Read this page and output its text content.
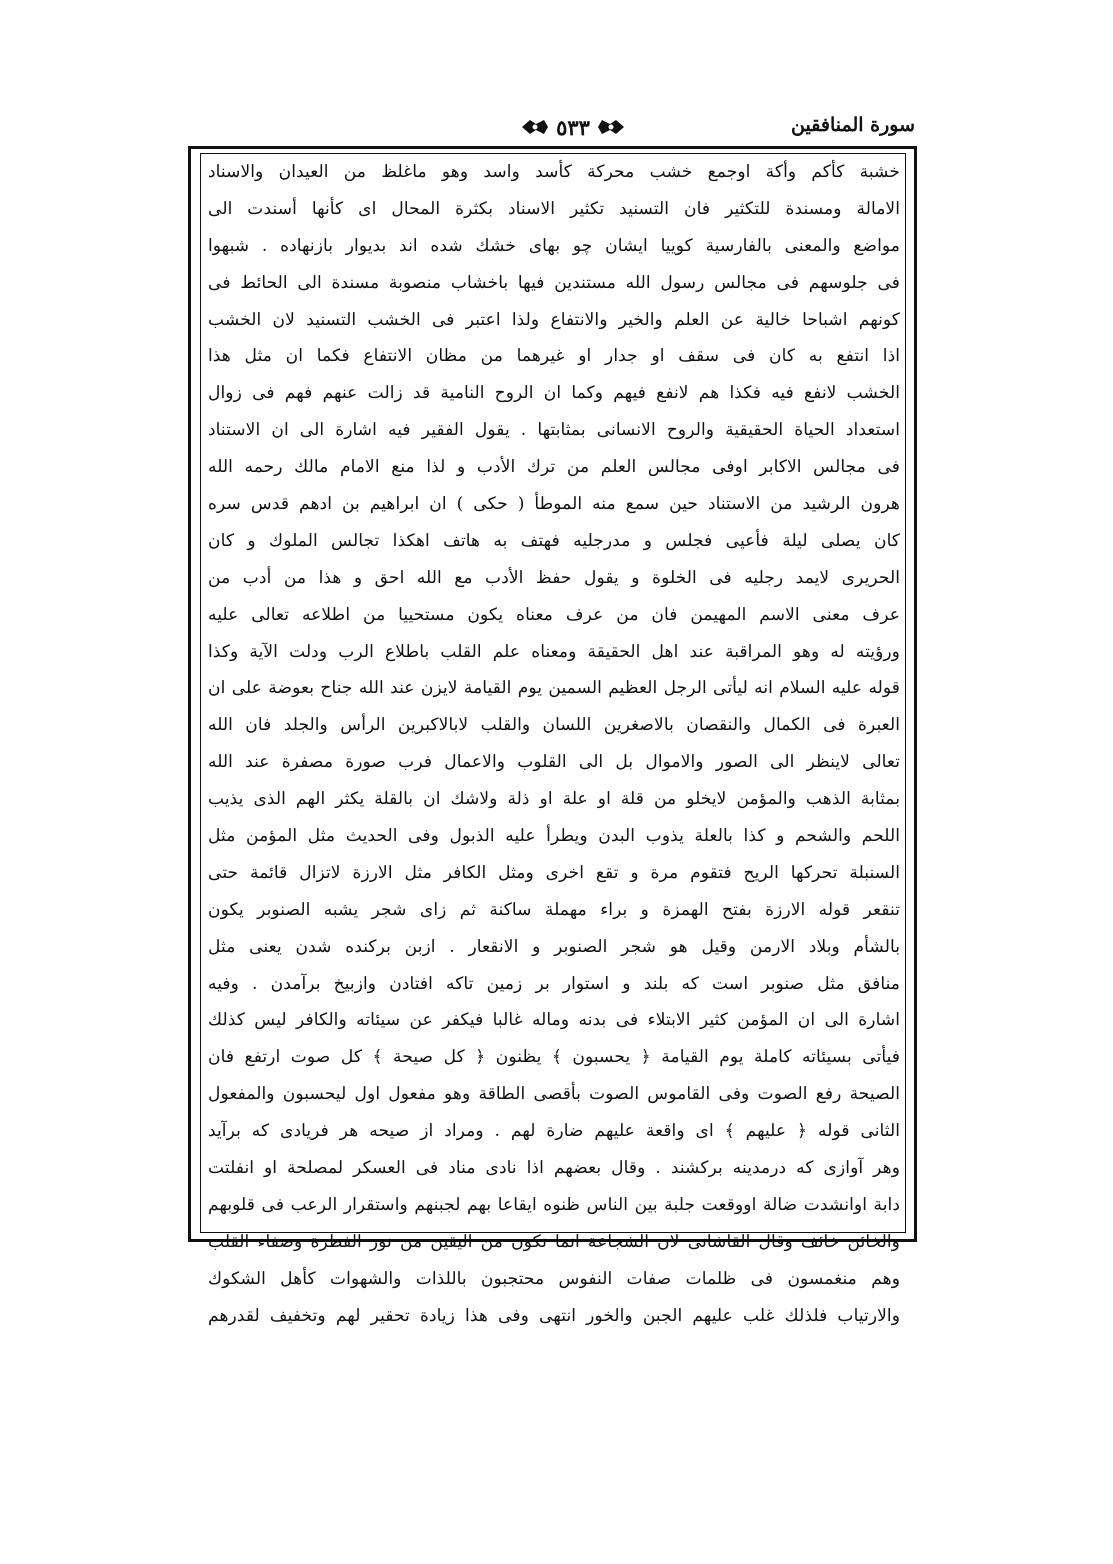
٥٣٣	سورة المنافقين
خشبة كأكم وأكة اوجمع خشب محركة كأسد واسد وهو ماغلظ من العيدان والاسناد
الامالة ومسندة للتكثير فان التسنيد تكثير الاسناد بكثرة المحال اى كأنها أسندت الى
مواضع والمعنى بالفارسية كوييا ايشان چو بهاى خشك شده اند بديوار بازنهاده . شبهوا
فى جلوسهم فى مجالس رسول الله مستندين فيها باخشاب منصوبة مسندة الى الحائط فى
كونهم اشباحا خالية عن العلم والخير والانتفاع ولذا اعتبر فى الخشب التسنيد لان الخشب
اذا انتفع به كان فى سقف او جدار او غيرهما من مظان الانتفاع فكما ان مثل هذا
الخشب لانفع فيه فكذا هم لانفع فيهم وكما ان الروح النامية قد زالت عنهم فهم فى زوال
استعداد الحياة الحقيقية والروح الانسانى بمثابتها . يقول الفقير فيه اشارة الى ان الاستناد
فى مجالس الاكابر اوفى مجالس العلم من ترك الأدب و لذا منع الامام مالك رحمه الله
هرون الرشيد من الاستناد حين سمع منه الموطأ ( حكى ) ان ابراهيم بن ادهم قدس سره
كان يصلى ليلة فأعيى فجلس و مدرجليه فهتف به هاتف اهكذا تجالس الملوك و كان
الحريرى لايمد رجليه فى الخلوة و يقول حفظ الأدب مع الله احق و هذا من أدب من
عرف معنى الاسم المهيمن فان من عرف معناه يكون مستحييا من اطلاعه تعالى عليه
ورؤيته له وهو المراقبة عند اهل الحقيقة ومعناه علم القلب باطلاع الرب ودلت الآية وكذا
قوله عليه السلام انه ليأتى الرجل العظيم السمين يوم القيامة لايزن عند الله جناح بعوضة على ان
العبرة فى الكمال والنقصان بالاصغرين اللسان والقلب لابالاكبرين الرأس والجلد فان الله
تعالى لاينظر الى الصور والاموال بل الى القلوب والاعمال فرب صورة مصفرة عند الله
بمثابة الذهب والمؤمن لايخلو من قلة او علة او ذلة ولاشك ان بالقلة يكثر الهم الذى يذيب
اللحم والشحم و كذا بالعلة يذوب البدن ويطرأ عليه الذبول وفى الحديث مثل المؤمن مثل
السنبلة تحركها الريح فتقوم مرة و تقع اخرى ومثل الكافر مثل الارزة لاتزال قائمة حتى
تنقعر قوله الارزة بفتح الهمزة و براء مهملة ساكنة ثم زاى شجر يشبه الصنوبر يكون
بالشأم وبلاد الارمن وقيل هو شجر الصنوبر و الانقعار . ازبن بركنده شدن يعنى مثل
منافق مثل صنوبر است كه بلند و استوار بر زمين تاكه افتادن وازبيخ برآمدن . وفيه
اشارة الى ان المؤمن كثير الابتلاء فى بدنه وماله غالبا فيكفر عن سيئاته والكافر ليس كذلك
فيأتى بسيئاته كاملة يوم القيامة ﴿ يحسبون ﴾ يظنون ﴿ كل صيحة ﴾ كل صوت ارتفع فان
الصيحة رفع الصوت وفى القاموس الصوت بأقصى الطاقة وهو مفعول اول ليحسبون والمفعول
الثانى قوله ﴿ عليهم ﴾ اى واقعة عليهم ضارة لهم . ومراد از صيحه هر فريادى كه برآيد
وهر آوازى كه درمدينه بركشند . وقال بعضهم اذا نادى مناد فى العسكر لمصلحة او انفلتت
دابة اوانشدت ضالة اووقعت جلبة بين الناس ظنوه ايقاعا بهم لجبنهم واستقرار الرعب فى قلوبهم
والخائن خائف وقال القاشانى لان الشجاعة انما تكون من اليقين من نور الفطرة وصفاء القلب
وهم منغمسون فى ظلمات صفات النفوس محتجبون باللذات والشهوات كأهل الشكوك
والارتياب فلذلك غلب عليهم الجبن والخور انتهى وفى هذا زيادة تحقير لهم وتخفيف لقدرهم
